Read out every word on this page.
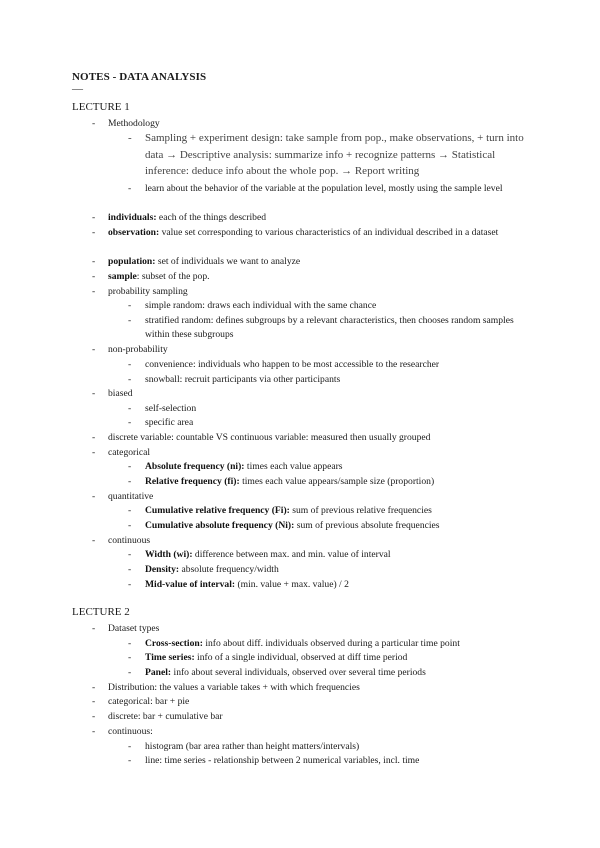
NOTES - DATA ANALYSIS
—
LECTURE 1
- Methodology
- Sampling + experiment design: take sample from pop., make observations, + turn into data → Descriptive analysis: summarize info + recognize patterns → Statistical inference: deduce info about the whole pop. → Report writing
- learn about the behavior of the variable at the population level, mostly using the sample level
- individuals: each of the things described
- observation: value set corresponding to various characteristics of an individual described in a dataset
- population: set of individuals we want to analyze
- sample: subset of the pop.
- probability sampling
- simple random: draws each individual with the same chance
- stratified random: defines subgroups by a relevant characteristics, then chooses random samples within these subgroups
- non-probability
- convenience: individuals who happen to be most accessible to the researcher
- snowball: recruit participants via other participants
- biased
- self-selection
- specific area
- discrete variable: countable VS continuous variable: measured then usually grouped
- categorical
- Absolute frequency (ni): times each value appears
- Relative frequency (fi): times each value appears/sample size (proportion)
- quantitative
- Cumulative relative frequency (Fi): sum of previous relative frequencies
- Cumulative absolute frequency (Ni): sum of previous absolute frequencies
- continuous
- Width (wi): difference between max. and min. value of interval
- Density: absolute frequency/width
- Mid-value of interval: (min. value + max. value) / 2
LECTURE 2
- Dataset types
- Cross-section: info about diff. individuals observed during a particular time point
- Time series: info of a single individual, observed at diff time period
- Panel: info about several individuals, observed over several time periods
- Distribution: the values a variable takes + with which frequencies
- categorical: bar + pie
- discrete: bar + cumulative bar
- continuous:
- histogram (bar area rather than height matters/intervals)
- line: time series - relationship between 2 numerical variables, incl. time
